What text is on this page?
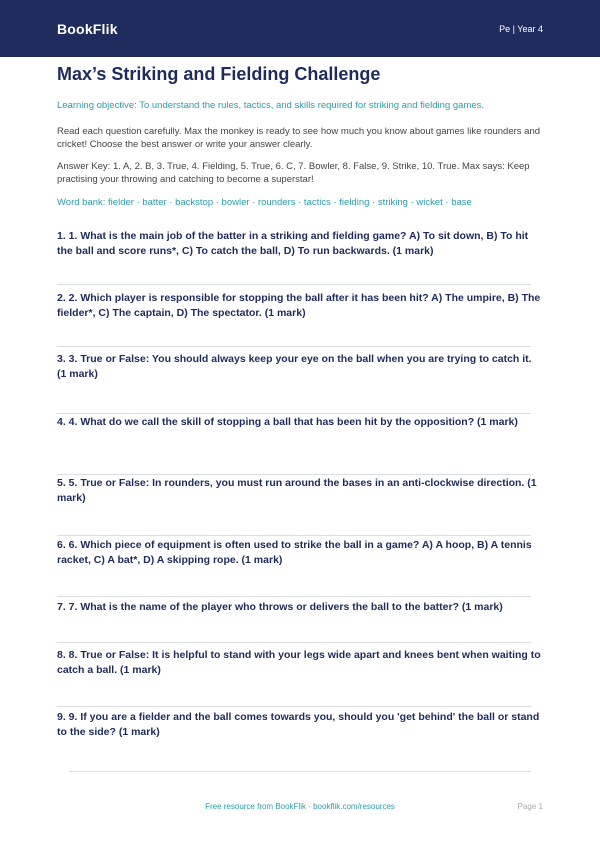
BookFlik	Pe | Year 4
Max’s Striking and Fielding Challenge

Learning objective: To understand the rules, tactics, and skills required for striking and fielding games.

Read each question carefully. Max the monkey is ready to see how much you know about games like rounders and cricket! Choose the best answer or write your answer clearly.

Answer Key: 1. A, 2. B, 3. True, 4. Fielding, 5. True, 6. C, 7. Bowler, 8. False, 9. Strike, 10. True. Max says: Keep practising your throwing and catching to become a superstar!

Word bank: fielder · batter · backstop · bowler · rounders · tactics · fielding · striking · wicket · base

1. 1. What is the main job of the batter in a striking and fielding game? A) To sit down, B) To hit the ball and score runs*, C) To catch the ball, D) To run backwards. (1 mark)
2. 2. Which player is responsible for stopping the ball after it has been hit? A) The umpire, B) The fielder*, C) The captain, D) The spectator. (1 mark)
3. 3. True or False: You should always keep your eye on the ball when you are trying to catch it. (1 mark)
4. 4. What do we call the skill of stopping a ball that has been hit by the opposition? (1 mark)
5. 5. True or False: In rounders, you must run around the bases in an anti-clockwise direction. (1 mark)
6. 6. Which piece of equipment is often used to strike the ball in a game? A) A hoop, B) A tennis racket, C) A bat*, D) A skipping rope. (1 mark)
7. 7. What is the name of the player who throws or delivers the ball to the batter? (1 mark)
8. 8. True or False: It is helpful to stand with your legs wide apart and knees bent when waiting to catch a ball. (1 mark)
9. 9. If you are a fielder and the ball comes towards you, should you 'get behind' the ball or stand to the side? (1 mark)
Free resource from BookFlik · bookflik.com/resources	Page 1
